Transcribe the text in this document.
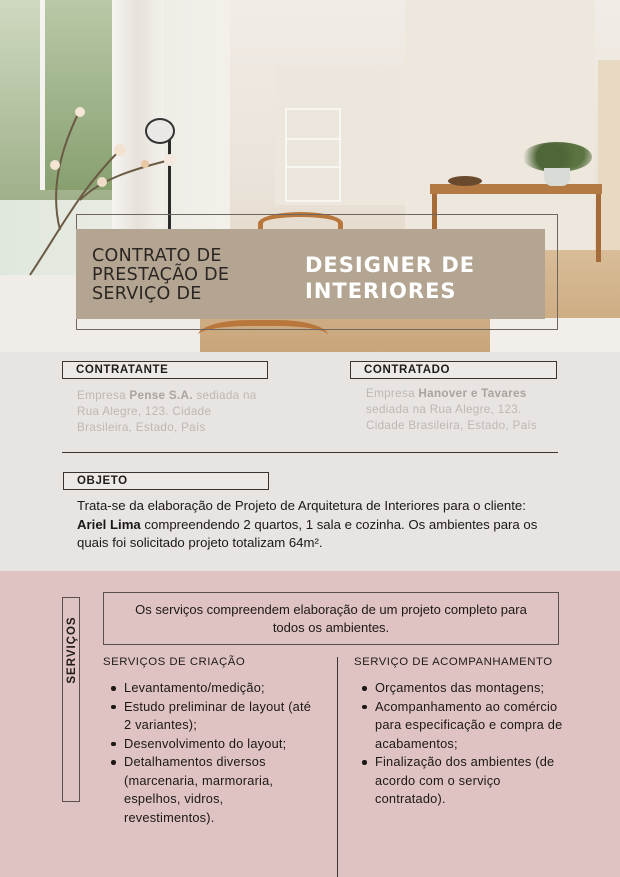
CONTRATO DE PRESTAÇÃO DE SERVIÇO DE
DESIGNER DE INTERIORES
CONTRATANTE
Empresa Pense S.A. sediada na Rua Alegre, 123. Cidade Brasileira, Estado, País
CONTRATADO
Empresa Hanover e Tavares sediada na Rua Alegre, 123. Cidade Brasileira, Estado, País
OBJETO
Trata-se da elaboração de Projeto de Arquitetura de Interiores para o cliente: Ariel Lima compreendendo 2 quartos, 1 sala e cozinha. Os ambientes para os quais foi solicitado projeto totalizam 64m².
SERVIÇOS
Os serviços compreendem elaboração de um projeto completo para todos os ambientes.
SERVIÇOS DE CRIAÇÃO	SERVIÇO DE ACOMPANHAMENTO
Levantamento/medição;
Estudo preliminar de layout (até 2 variantes);
Desenvolvimento do layout;
Detalhamentos diversos (marcenaria, marmoraria, espelhos, vidros, revestimentos).
Orçamentos das montagens;
Acompanhamento ao comércio para especificação e compra de acabamentos;
Finalização dos ambientes (de acordo com o serviço contratado).
